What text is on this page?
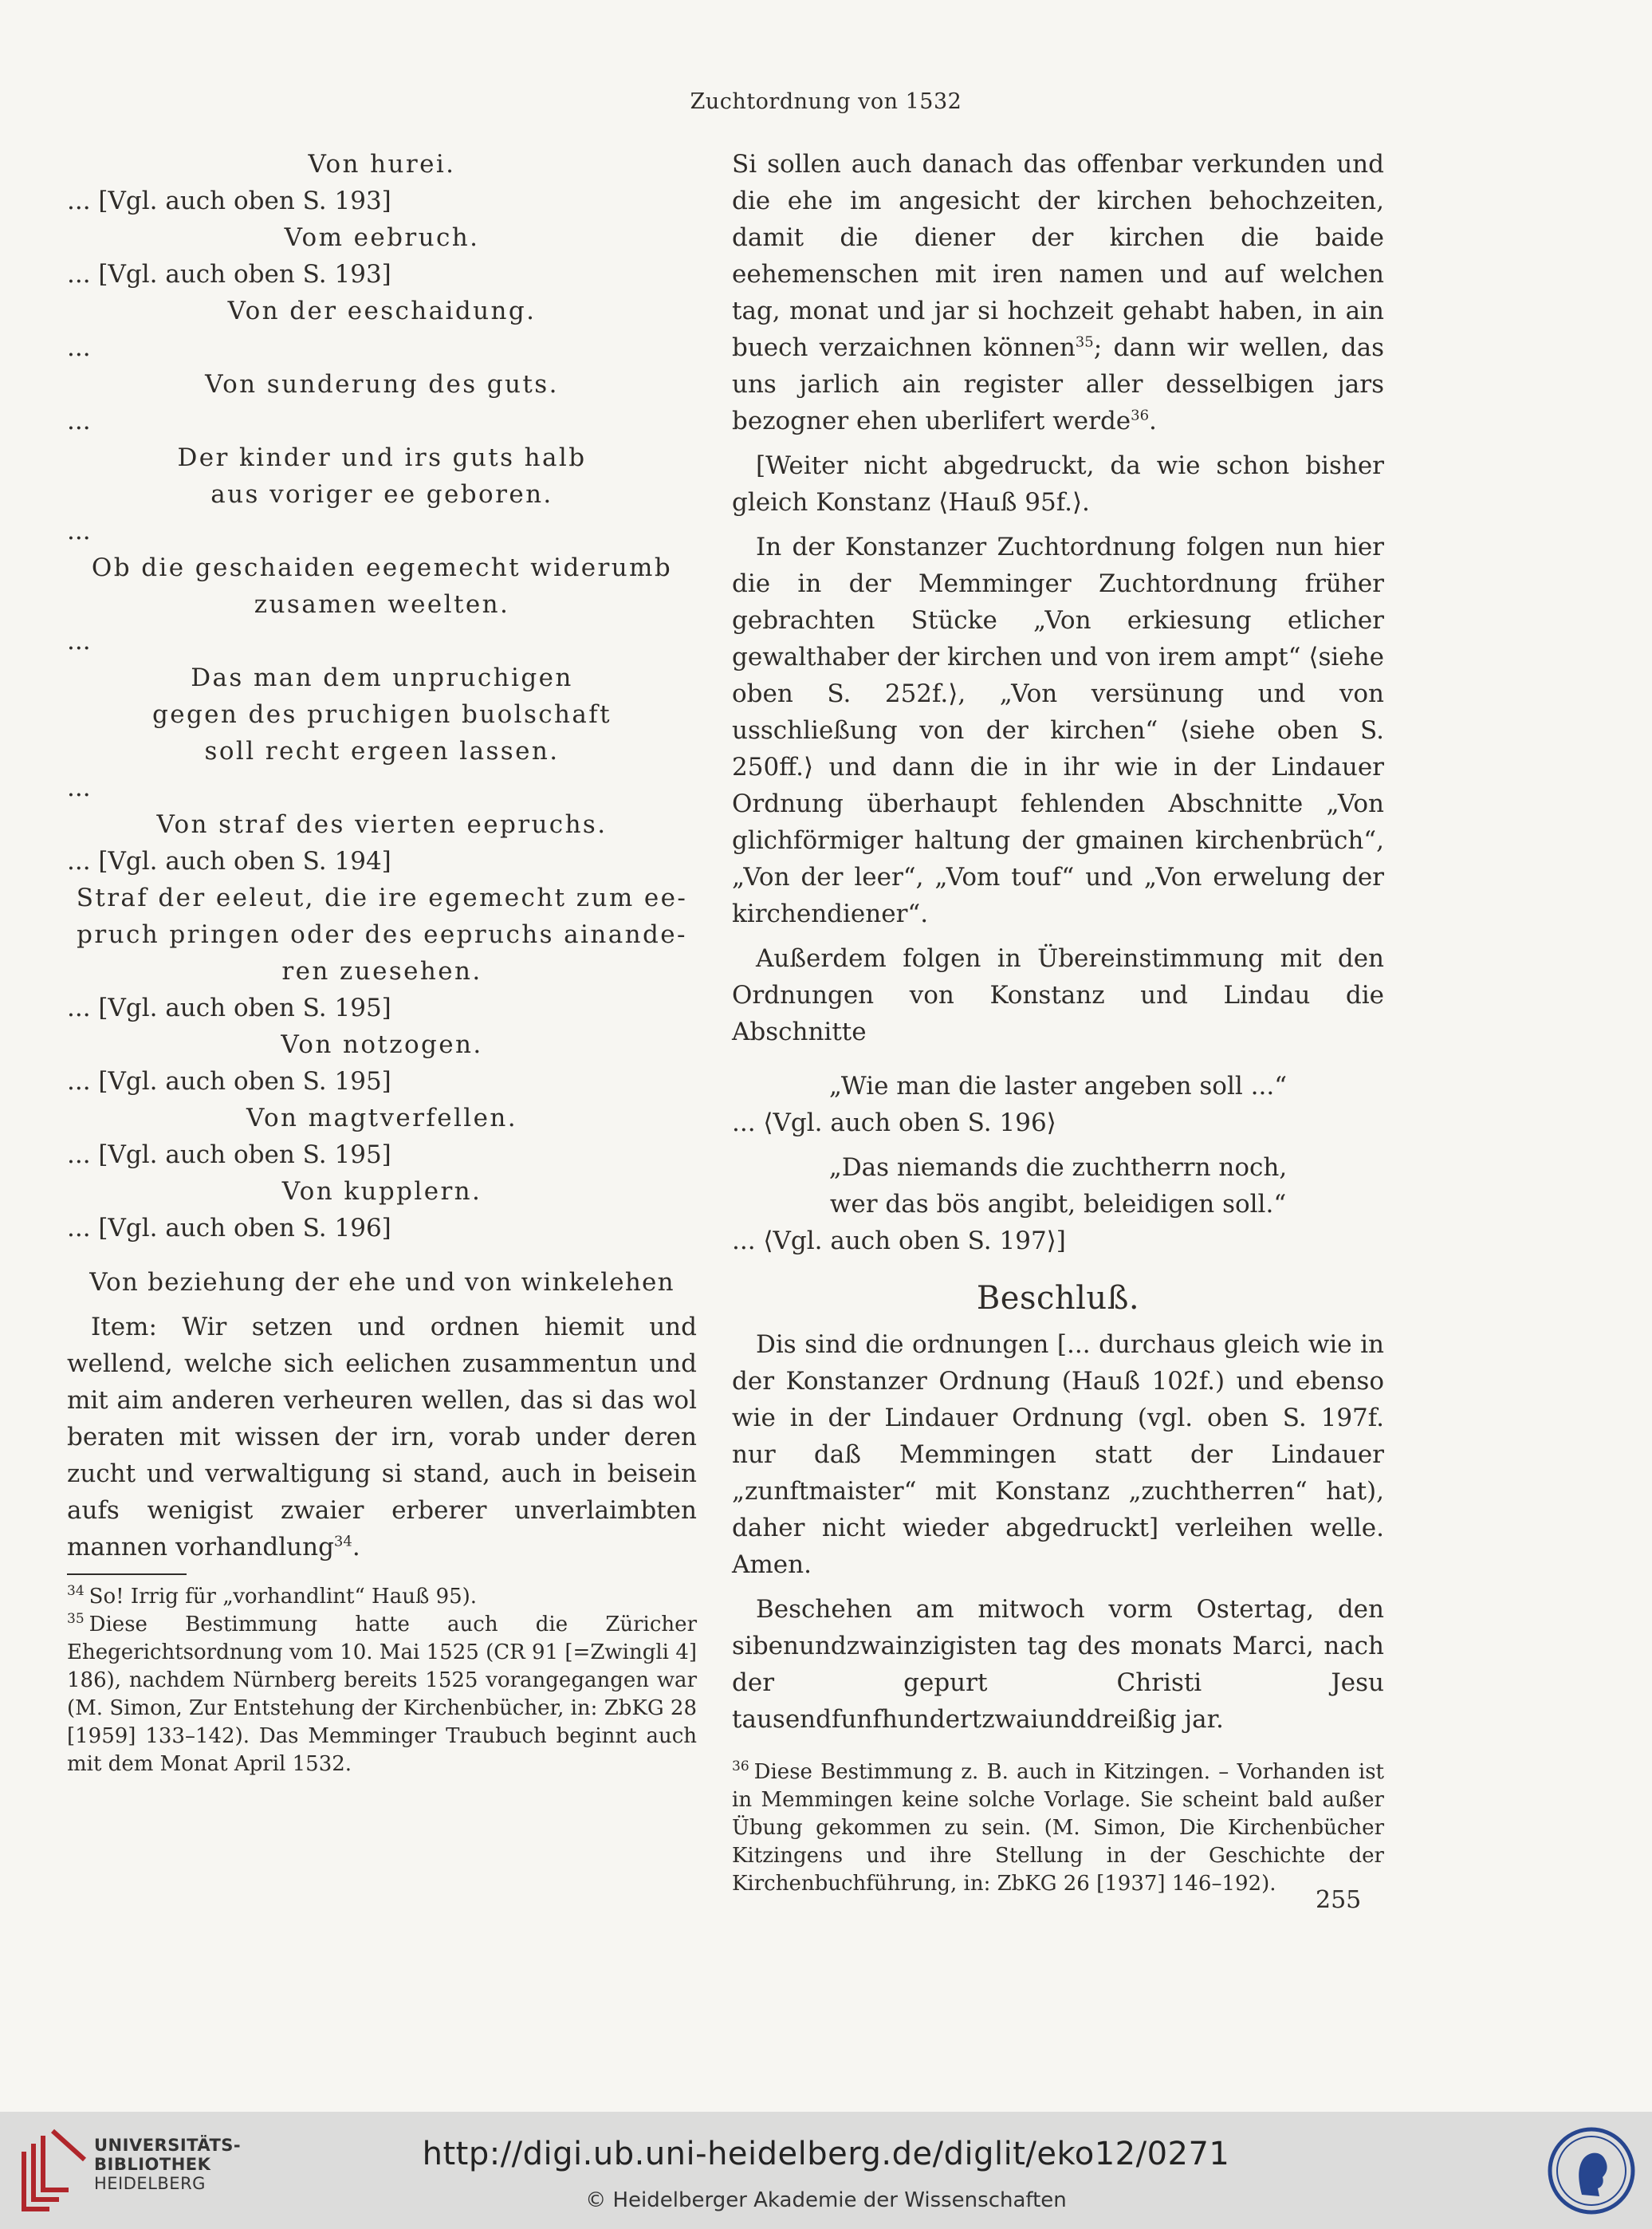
Zuchtordnung von 1532

Von hurei.

... [Vgl. auch oben S. 193]

Vom eebruch.

... [Vgl. auch oben S. 193]

Von der eeschaidung.

...

Von sunderung des guts.

...

Der kinder und irs guts halb

aus voriger ee geboren.

...

Ob die geschaiden eegemecht widerumb

zusamen weelten.

...

Das man dem unpruchigen

gegen des pruchigen buolschaft

soll recht ergeen lassen.

...

Von straf des vierten eepruchs.

... [Vgl. auch oben S. 194]

Straf der eeleut, die ire egemecht zum ee-

pruch pringen oder des eepruchs ainande-

ren zuesehen.

... [Vgl. auch oben S. 195]

Von notzogen.

... [Vgl. auch oben S. 195]

Von magtverfellen.

... [Vgl. auch oben S. 195]

Von kupplern.

... [Vgl. auch oben S. 196]

Von beziehung der ehe und von winkelehen

Item: Wir setzen und ordnen hiemit und wellend, welche sich eelichen zusammentun und mit aim anderen verheuren wellen, das si das wol beraten mit wissen der irn, vorab under deren zucht und verwaltigung si stand, auch in beisein aufs wenigist zwaier erberer unverlaimbten mannen vorhandlung$^{34}$.

$^{34}$ So! Irrig für „vorhandlint“ Hauß 95).

$^{35}$ Diese Bestimmung hatte auch die Züricher Ehegerichtsordnung vom 10. Mai 1525 (CR 91 [=Zwingli 4] 186), nachdem Nürnberg bereits 1525 vorangegangen war (M. Simon, Zur Entstehung der Kirchenbücher, in: ZbKG 28 [1959] 133–142). Das Memminger Traubuch beginnt auch mit dem Monat April 1532.

Si sollen auch danach das offenbar verkunden und die ehe im angesicht der kirchen behochzeiten, damit die diener der kirchen die baide eehemenschen mit iren namen und auf welchen tag, monat und jar si hochzeit gehabt haben, in ain buech verzaichnen können$^{35}$; dann wir wellen, das uns jarlich ain register aller desselbigen jars bezogner ehen uberlifert werde$^{36}$.

[Weiter nicht abgedruckt, da wie schon bisher gleich Konstanz ⟨Hauß 95f.⟩.

In der Konstanzer Zuchtordnung folgen nun hier die in der Memminger Zuchtordnung früher gebrachten Stücke „Von erkiesung etlicher gewalthaber der kirchen und von irem ampt“ ⟨siehe oben S. 252f.⟩, „Von versünung und von usschließung von der kirchen“ ⟨siehe oben S. 250ff.⟩ und dann die in ihr wie in der Lindauer Ordnung überhaupt fehlenden Abschnitte „Von glichförmiger haltung der gmainen kirchenbrüch“, „Von der leer“, „Vom touf“ und „Von erwelung der kirchendiener“.

Außerdem folgen in Übereinstimmung mit den Ordnungen von Konstanz und Lindau die Abschnitte

„Wie man die laster angeben soll ...“

... ⟨Vgl. auch oben S. 196⟩

„Das niemands die zuchtherrn noch,

wer das bös angibt, beleidigen soll.“

... ⟨Vgl. auch oben S. 197⟩]

Beschluß.

Dis sind die ordnungen [... durchaus gleich wie in der Konstanzer Ordnung (Hauß 102f.) und ebenso wie in der Lindauer Ordnung (vgl. oben S. 197f. nur daß Memmingen statt der Lindauer „zunftmaister“ mit Konstanz „zuchtherren“ hat), daher nicht wieder abgedruckt] verleihen welle. Amen.

Beschehen am mitwoch vorm Ostertag, den sibenundzwainzigisten tag des monats Marci, nach der gepurt Christi Jesu tausendfunfhundertzwaiunddreißig jar.

$^{36}$ Diese Bestimmung z. B. auch in Kitzingen. – Vorhanden ist in Memmingen keine solche Vorlage. Sie scheint bald außer Übung gekommen zu sein. (M. Simon, Die Kirchenbücher Kitzingens und ihre Stellung in der Geschichte der Kirchenbuchführung, in: ZbKG 26 [1937] 146–192).

255
UNIVERSITÄTS-
BIBLIOTHEK
HEIDELBERG
http://digi.ub.uni-heidelberg.de/diglit/eko12/0271
© Heidelberger Akademie der Wissenschaften
